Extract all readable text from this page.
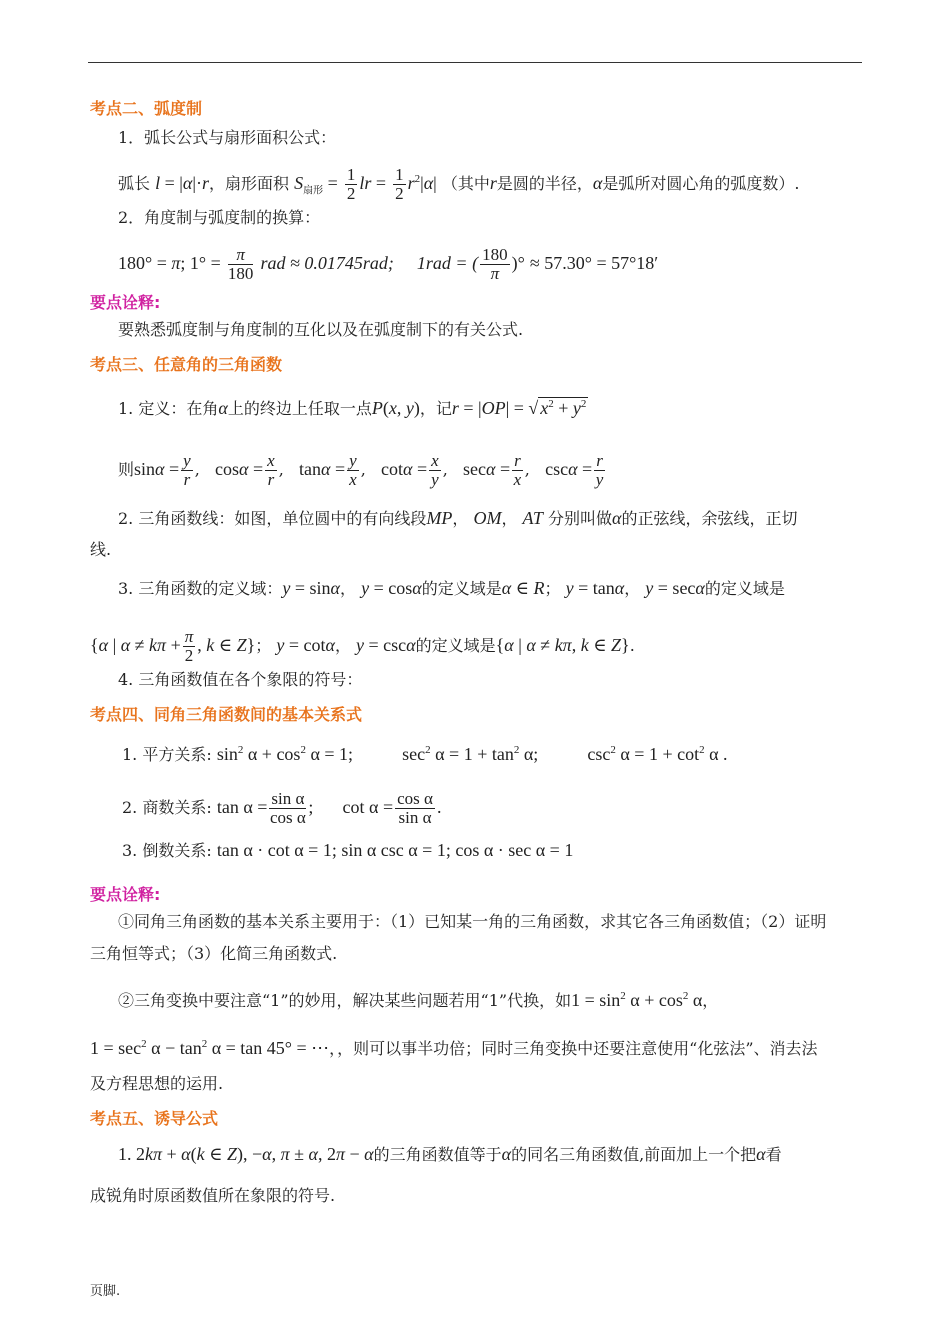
考点二、弧度制
1．弧长公式与扇形面积公式：
弧长 l = |α|·r，扇形面积 $S_{扇形} = \frac{1}{2}$ lr = $\frac{1}{2} r^2|\alpha|$ （其中r是圆的半径，α是弧所对圆心角的弧度数）.
2．角度制与弧度制的换算：
180° = π; $1^\circ = \frac{\pi}{180}$ rad ≈ 0.01745rad; 1rad = ( $\frac{180}{\pi}$ )° ≈ 57.30° = 57°18′
要点诠释:
要熟悉弧度制与角度制的互化以及在弧度制下的有关公式.
考点三、任意角的三角函数
1. 定义：在角α上的终边上任取一点P(x, y)，记r = |OP| = √ $x^2 + y^2$
则$\sin\alpha = \frac{y}{r}$ ,   $\cos\alpha = \frac{x}{r}$ ,   $\tan\alpha = \frac{y}{x}$ ,   $\cot\alpha = \frac{x}{y}$ ,   $\sec\alpha = \frac{r}{x}$ ,   $\csc\alpha = \frac{r}{y}$
2. 三角函数线：如图，单位圆中的有向线段MP， OM， AT 分别叫做α的正弦线，余弦线，正切
线.
3. 三角函数的定义域：y = sinα， y = cosα的定义域是α ∈ R； y = tanα， y = secα的定义域是
{α | $\alpha \ne k\pi + \frac{\pi}{2}$ , k ∈ Z}； y = cotα， y = cscα的定义域是{α | α ≠ kπ, k ∈ Z}.
4. 三角函数值在各个象限的符号：
考点四、同角三角函数间的基本关系式
1. 平方关系: $\sin^2 \alpha + \cos^2 \alpha = 1$;	$\sec^2 \alpha = 1 + \tan^2 \alpha$;	$\csc^2 \alpha = 1 + \cot^2 \alpha$ .
2. 商数关系: $\tan \alpha = \frac{\text{sin α}}{\text{cos α}}$ ; $\cot \alpha = \frac{\text{cos α}}{\text{sin α}}$ .
3. 倒数关系: tan α · cot α = 1; sin α csc α = 1; cos α · sec α = 1
要点诠释:
①同角三角函数的基本关系主要用于：（1）已知某一角的三角函数，求其它各三角函数值；（2）证明
三角恒等式；（3）化简三角函数式.
②三角变换中要注意“1”的妙用，解决某些问题若用“1”代换，如$1 = \sin^2 \alpha + \cos^2 \alpha$，
$1 = \sec^2 \alpha - \tan^2 \alpha = \tan 45^\circ$ = ⋯，，则可以事半功倍；同时三角变换中还要注意使用“化弦法”、消去法
及方程思想的运用.
考点五、诱导公式
1. 2kπ + α(k ∈ Z), −α, π ± α, 2π − α的三角函数值等于α的同名三角函数值,前面加上一个把α看
成锐角时原函数值所在象限的符号.
页脚.
